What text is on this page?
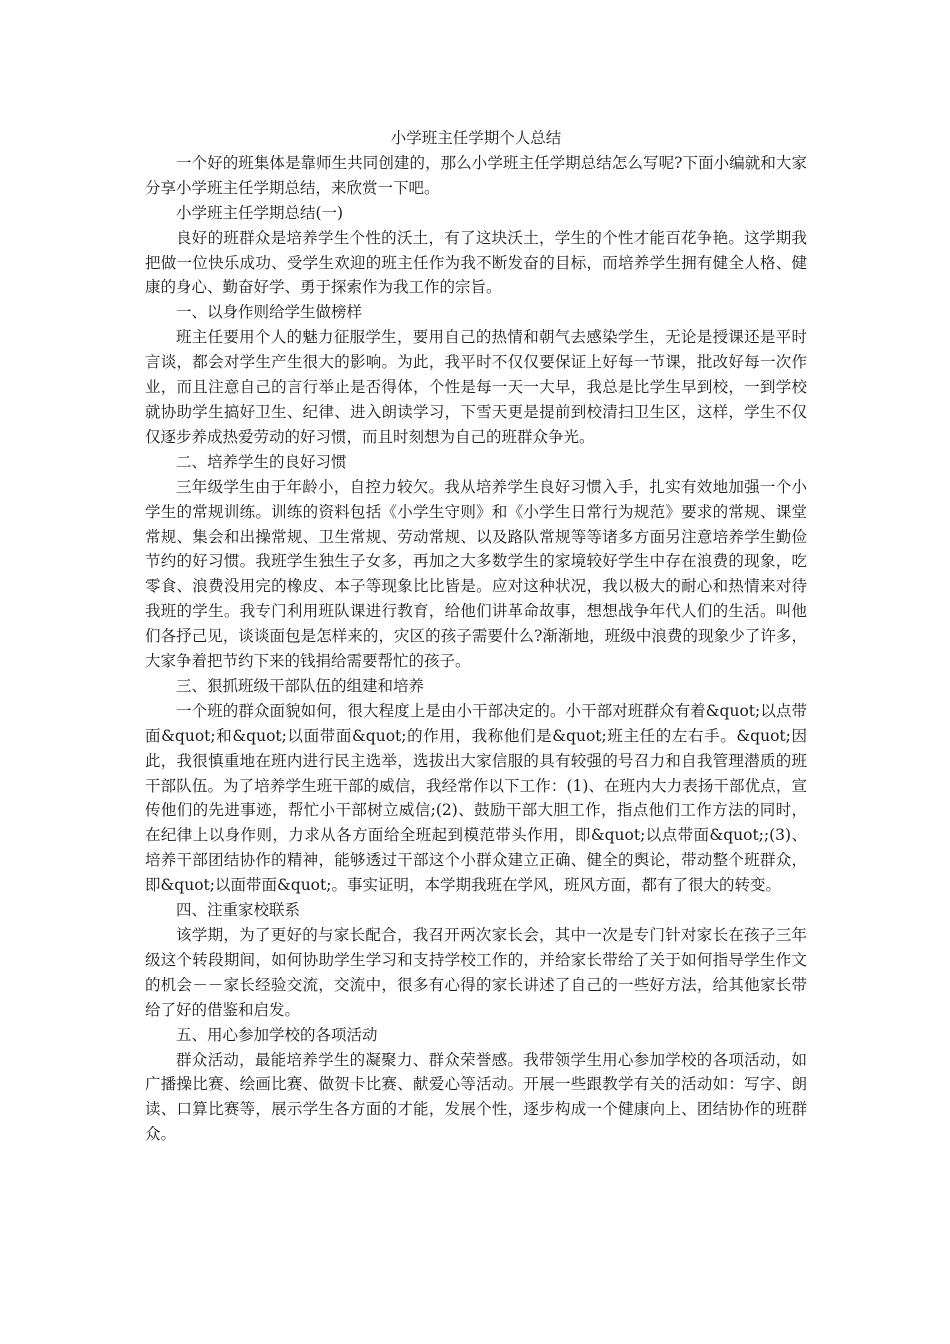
小学班主任学期个人总结

一个好的班集体是靠师生共同创建的，那么小学班主任学期总结怎么写呢?下面小编就和大家分享小学班主任学期总结，来欣赏一下吧。

小学班主任学期总结(一)

良好的班群众是培养学生个性的沃土，有了这块沃土，学生的个性才能百花争艳。这学期我把做一位快乐成功、受学生欢迎的班主任作为我不断发奋的目标，而培养学生拥有健全人格、健康的身心、勤奋好学、勇于探索作为我工作的宗旨。

一、以身作则给学生做榜样

班主任要用个人的魅力征服学生，要用自己的热情和朝气去感染学生，无论是授课还是平时言谈，都会对学生产生很大的影响。为此，我平时不仅仅要保证上好每一节课，批改好每一次作业，而且注意自己的言行举止是否得体，个性是每一天一大早，我总是比学生早到校，一到学校就协助学生搞好卫生、纪律、进入朗读学习，下雪天更是提前到校清扫卫生区，这样，学生不仅仅逐步养成热爱劳动的好习惯，而且时刻想为自己的班群众争光。

二、培养学生的良好习惯

三年级学生由于年龄小，自控力较欠。我从培养学生良好习惯入手，扎实有效地加强一个小学生的常规训练。训练的资料包括《小学生守则》和《小学生日常行为规范》要求的常规、课堂常规、集会和出操常规、卫生常规、劳动常规、以及路队常规等等诸多方面另注意培养学生勤俭节约的好习惯。我班学生独生子女多，再加之大多数学生的家境较好学生中存在浪费的现象，吃零食、浪费没用完的橡皮、本子等现象比比皆是。应对这种状况，我以极大的耐心和热情来对待我班的学生。我专门利用班队课进行教育，给他们讲革命故事，想想战争年代人们的生活。叫他们各抒己见，谈谈面包是怎样来的，灾区的孩子需要什么?渐渐地，班级中浪费的现象少了许多，大家争着把节约下来的钱捐给需要帮忙的孩子。

三、狠抓班级干部队伍的组建和培养

一个班的群众面貌如何，很大程度上是由小干部决定的。小干部对班群众有着&quot;以点带面&quot;和&quot;以面带面&quot;的作用，我称他们是&quot;班主任的左右手。&quot;因此，我很慎重地在班内进行民主选举，选拔出大家信服的具有较强的号召力和自我管理潜质的班干部队伍。为了培养学生班干部的威信，我经常作以下工作：(1)、在班内大力表扬干部优点，宣传他们的先进事迹，帮忙小干部树立威信;(2)、鼓励干部大胆工作，指点他们工作方法的同时，在纪律上以身作则，力求从各方面给全班起到模范带头作用，即&quot;以点带面&quot;;(3)、培养干部团结协作的精神，能够透过干部这个小群众建立正确、健全的舆论，带动整个班群众，即&quot;以面带面&quot;。事实证明，本学期我班在学风，班风方面，都有了很大的转变。

四、注重家校联系

该学期，为了更好的与家长配合，我召开两次家长会，其中一次是专门针对家长在孩子三年级这个转段期间，如何协助学生学习和支持学校工作的，并给家长带给了关于如何指导学生作文的机会－－家长经验交流，交流中，很多有心得的家长讲述了自己的一些好方法，给其他家长带给了好的借鉴和启发。

五、用心参加学校的各项活动

群众活动，最能培养学生的凝聚力、群众荣誉感。我带领学生用心参加学校的各项活动，如广播操比赛、绘画比赛、做贺卡比赛、献爱心等活动。开展一些跟教学有关的活动如：写字、朗读、口算比赛等，展示学生各方面的才能，发展个性，逐步构成一个健康向上、团结协作的班群众。
